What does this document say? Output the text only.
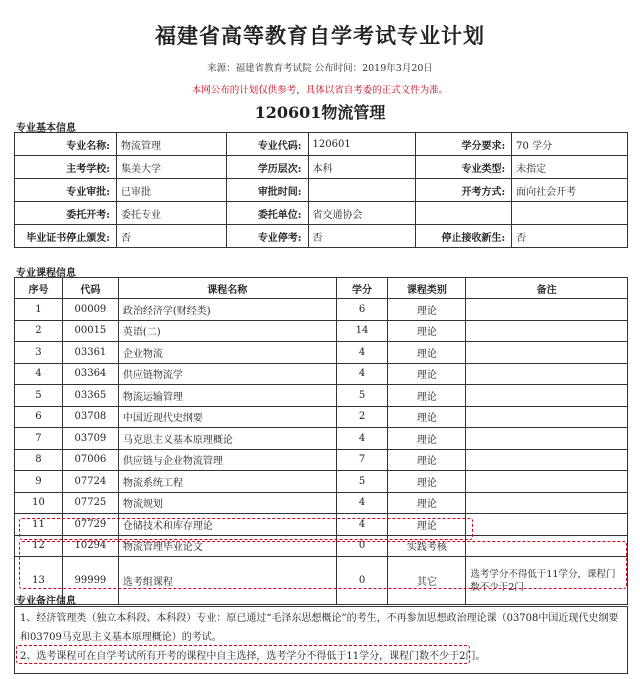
福建省高等教育自学考试专业计划
来源：福建省教育考试院 公布时间：2019年3月20日
本网公布的计划仅供参考，具体以省自考委的正式文件为准。
120601物流管理
专业基本信息
专业名称:	物流管理	专业代码:	120601	学分要求:	70 学分
主考学校:	集美大学	学历层次:	本科	专业类型:	未指定
专业审批:	已审批	审批时间:		开考方式:	面向社会开考
委托开考:	委托专业	委托单位:	省交通协会		
毕业证书停止颁发:	否	专业停考:	否	停止接收新生:	否
专业课程信息
序号	代码	课程名称	学分	课程类别	备注
1	00009	政治经济学(财经类)	6	理论	
2	00015	英语(二)	14	理论	
3	03361	企业物流	4	理论	
4	03364	供应链物流学	4	理论	
5	03365	物流运输管理	5	理论	
6	03708	中国近现代史纲要	2	理论	
7	03709	马克思主义基本原理概论	4	理论	
8	07006	供应链与企业物流管理	7	理论	
9	07724	物流系统工程	5	理论	
10	07725	物流规划	4	理论	
11	07729	仓储技术和库存理论	4	理论	
12	10294	物流管理毕业论文	0	实践考核	
13	99999	选考组课程	0	其它	选考学分不得低于11学分，课程门数不少于2门
专业备注信息
1、经济管理类（独立本科段、本科段）专业：原已通过“毛泽东思想概论”的考生，不再参加思想政治理论课（03708中国近现代史纲要和03709马克思主义基本原理概论）的考试。
2、选考课程可在自学考试所有开考的课程中自主选择，选考学分不得低于11学分，课程门数不少于2门。
